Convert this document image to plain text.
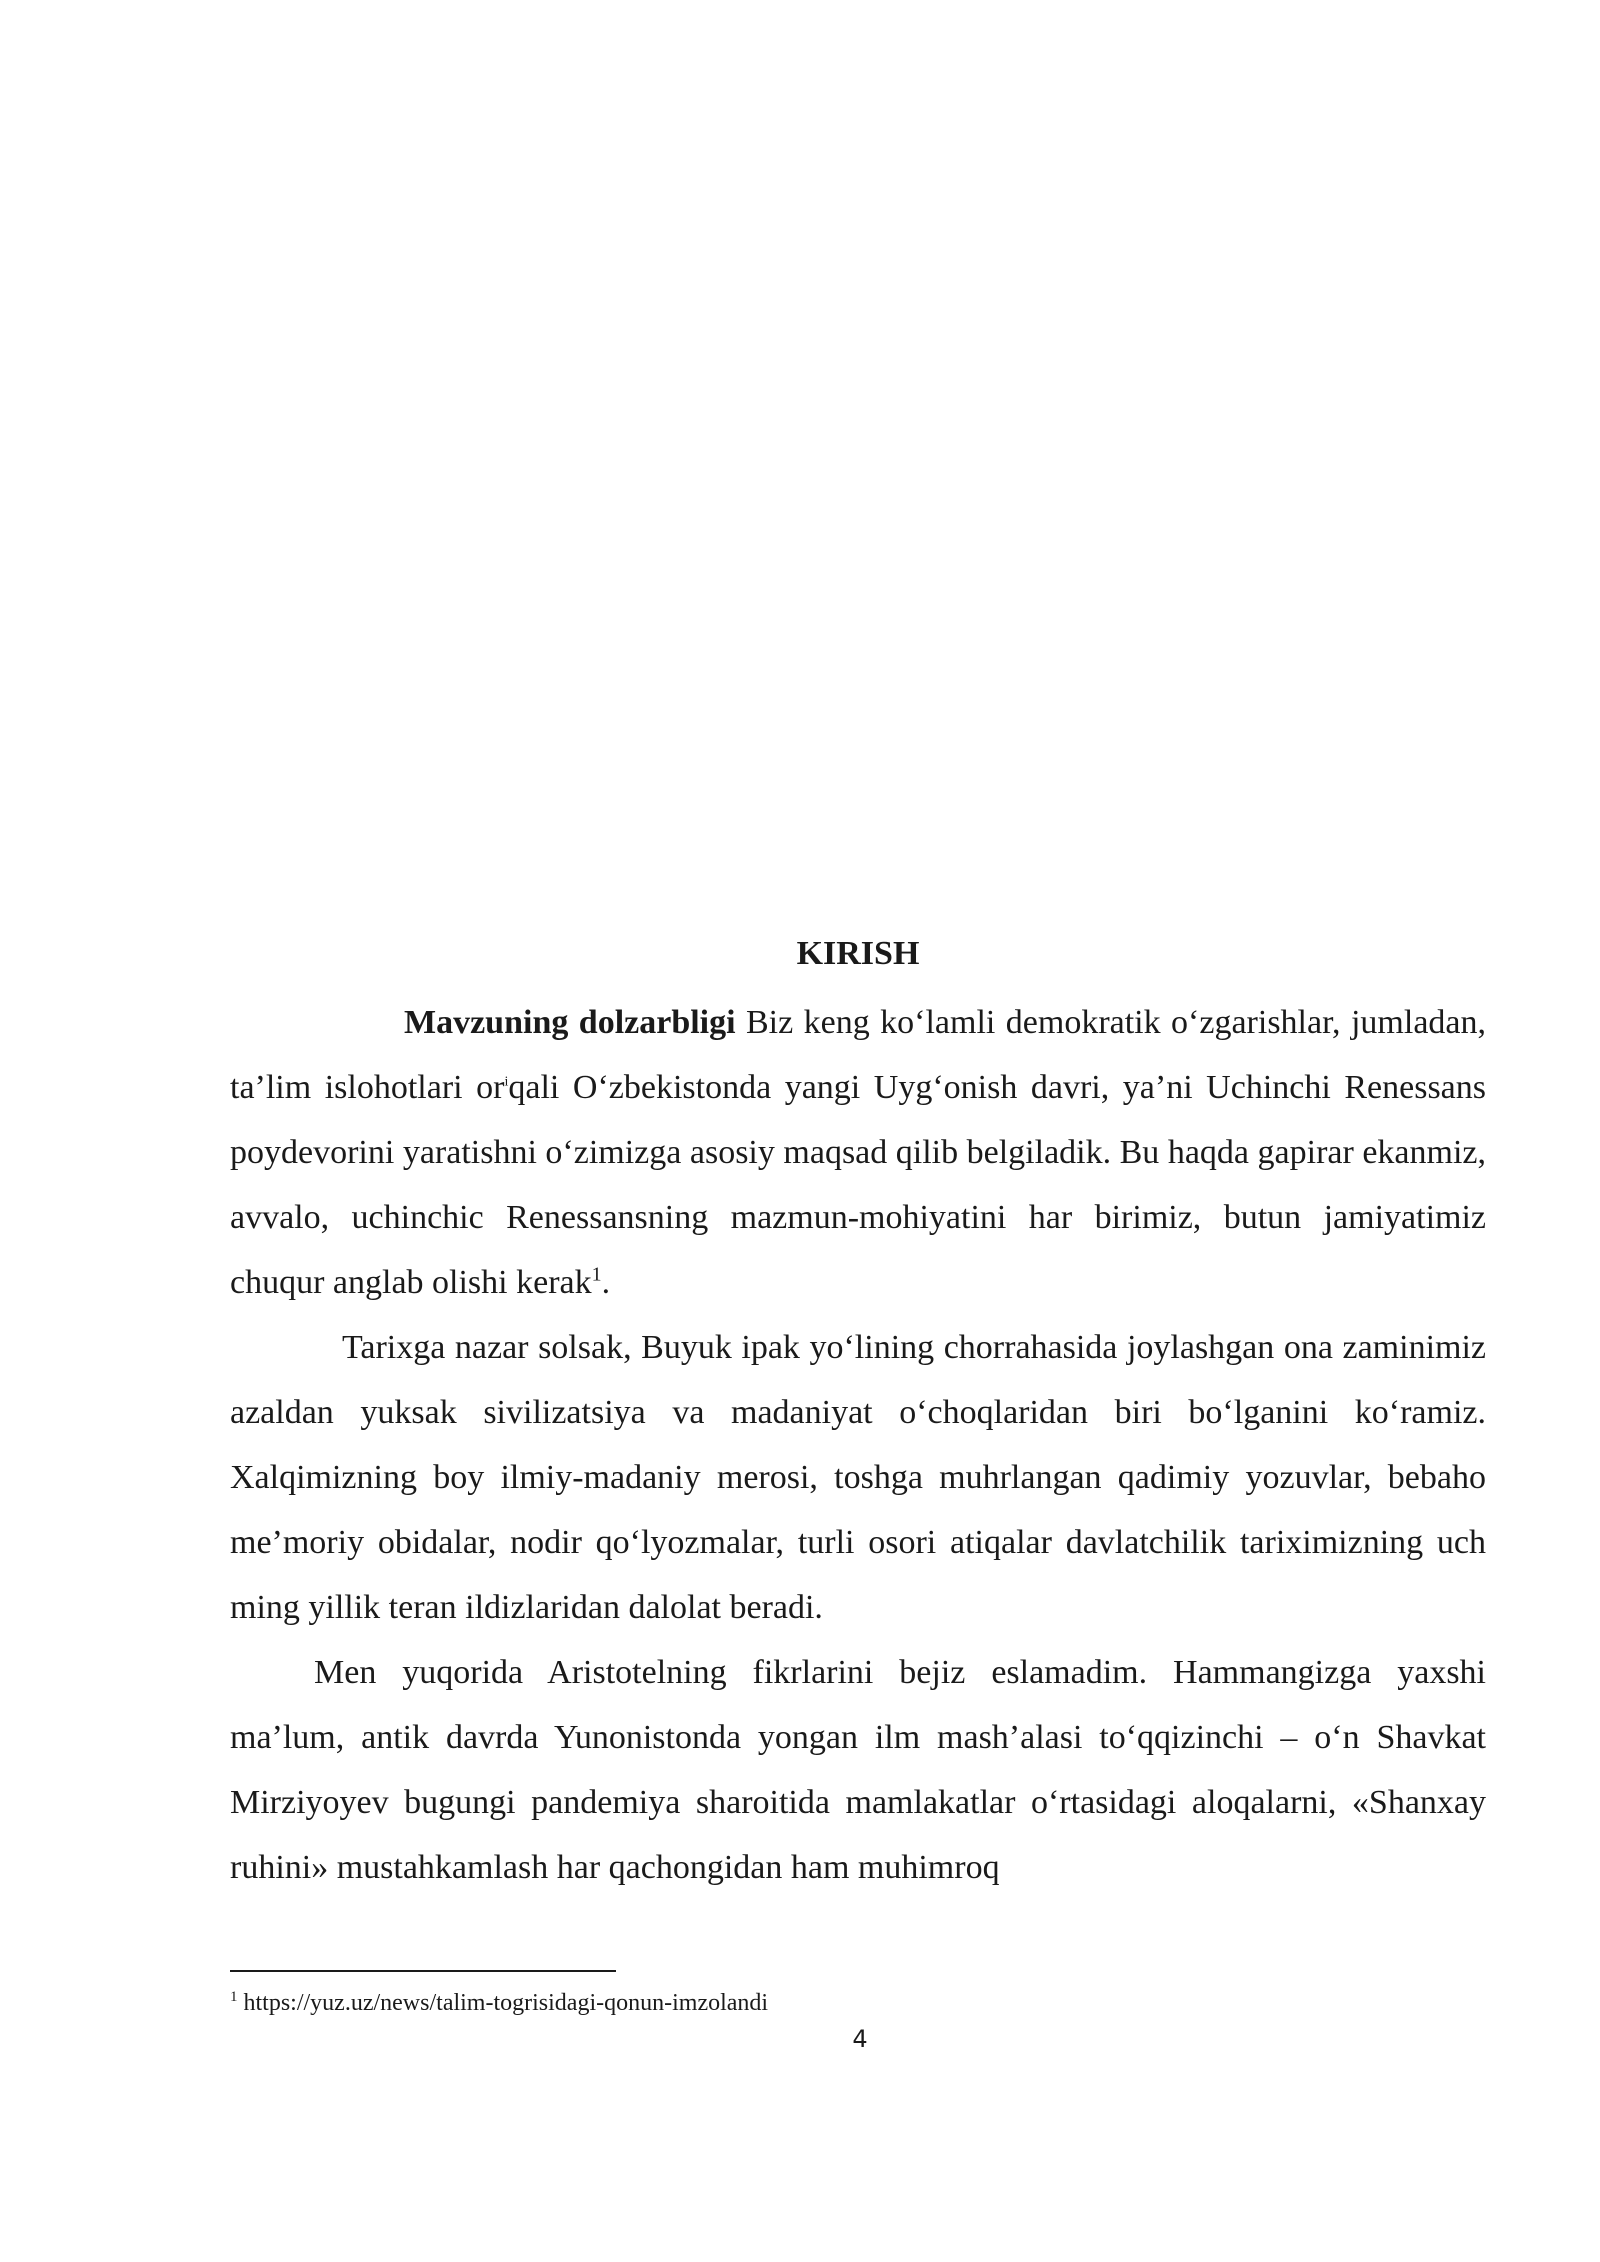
KIRISH

Mavzuning dolzarbligi Biz keng ko‘lamli demokratik o‘zgarishlar, jumladan, ta’lim islohotlari or$^i$qali O‘zbekistonda yangi Uyg‘onish davri, ya’ni Uchinchi Renessans poydevorini yaratishni o‘zimizga asosiy maqsad qilib belgiladik. Bu haqda gapirar ekanmiz, avvalo, uchinchic Renessansning mazmun-mohiyatini har birimiz, butun jamiyatimiz chuqur anglab olishi kerak$^1$.

Tarixga nazar solsak, Buyuk ipak yo‘lining chorrahasida joylashgan ona zaminimiz azaldan yuksak sivilizatsiya va madaniyat o‘choqlaridan biri bo‘lganini ko‘ramiz. Xalqimizning boy ilmiy-madaniy merosi, toshga muhrlangan qadimiy yozuvlar, bebaho me’moriy obidalar, nodir qo‘lyozmalar, turli osori atiqalar davlatchilik tariximizning uch ming yillik teran ildizlaridan dalolat beradi.

Men yuqorida Aristotelning fikrlarini bejiz eslamadim. Hammangizga yaxshi ma’lum, antik davrda Yunonistonda yongan ilm mash’alasi to‘qqizinchi – o‘n Shavkat Mirziyoyev bugungi pandemiya sharoitida mamlakatlar o‘rtasidagi aloqalarni, «Shanxay ruhini» mustahkamlash har qachongidan ham muhimroq

$^1$ https://yuz.uz/news/talim-togrisidagi-qonun-imzolandi
4
